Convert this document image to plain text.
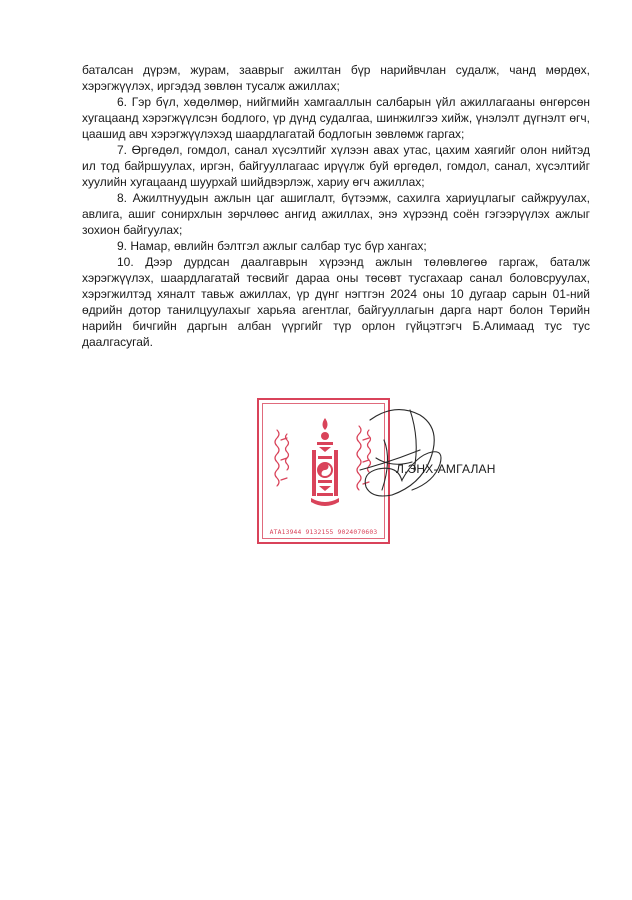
баталсан дүрэм, журам, зааврыг ажилтан бүр нарийвчлан судалж, чанд мөрдөх, хэрэгжүүлэх, иргэдэд зөвлөн тусалж ажиллах;

6. Гэр бүл, хөдөлмөр, нийгмийн хамгааллын салбарын үйл ажиллагааны өнгөрсөн хугацаанд хэрэгжүүлсэн бодлого, үр дүнд судалгаа, шинжилгээ хийж, үнэлэлт дүгнэлт өгч, цаашид авч хэрэгжүүлэхэд шаардлагатай бодлогын зөвлөмж гаргах;

7. Өргөдөл, гомдол, санал хүсэлтийг хүлээн авах утас, цахим хаягийг олон нийтэд ил тод байршуулах, иргэн, байгууллагаас ирүүлж буй өргөдөл, гомдол, санал, хүсэлтийг хуулийн хугацаанд шуурхай шийдвэрлэж, хариу өгч ажиллах;

8. Ажилтнуудын ажлын цаг ашиглалт, бүтээмж, сахилга хариуцлагыг сайжруулах, авлига, ашиг сонирхлын зөрчлөөс ангид ажиллах, энэ хүрээнд соён гэгээрүүлэх ажлыг зохион байгуулах;

9. Намар, өвлийн бэлтгэл ажлыг салбар тус бүр хангах;

10. Дээр дурдсан даалгаврын хүрээнд ажлын төлөвлөгөө гаргаж, баталж хэрэгжүүлэх, шаардлагатай төсвийг дараа оны төсөвт тусгахаар санал боловсруулах, хэрэгжилтэд хяналт тавьж ажиллах, үр дүнг нэгтгэн 2024 оны 10 дугаар сарын 01-ний өдрийн дотор танилцуулахыг харьяа агентлаг, байгууллагын дарга нарт болон Төрийн нарийн бичгийн даргын албан үүргийг түр орлон гүйцэтгэгч Б.Алимаад тус тус даалгасугай.

АТА13944 9132155 9024070603
Л.ЭНХ-АМГАЛАН
